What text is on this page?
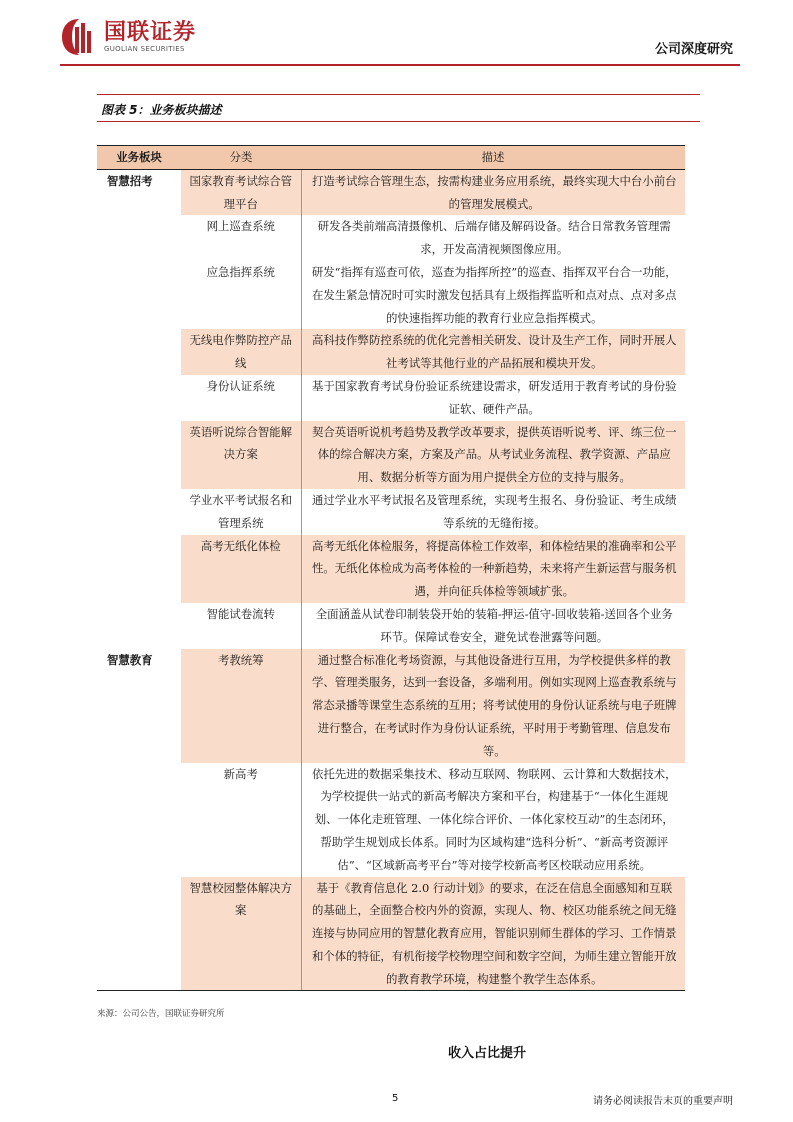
国联证券
GUOLIAN SECURITIES	公司深度研究
图表 5：业务板块描述
业务板块	分类	描述
智慧招考	国家教育考试综合管理平台	打造考试综合管理生态，按需构建业务应用系统，最终实现大中台小前台的管理发展模式。
	网上巡查系统	研发各类前端高清摄像机、后端存储及解码设备。结合日常教务管理需求，开发高清视频图像应用。
	应急指挥系统	研发“指挥有巡查可依，巡查为指挥所控”的巡查、指挥双平台合一功能，在发生紧急情况时可实时激发包括具有上级指挥监听和点对点、点对多点的快速指挥功能的教育行业应急指挥模式。
	无线电作弊防控产品线	高科技作弊防控系统的优化完善相关研发、设计及生产工作，同时开展人社考试等其他行业的产品拓展和模块开发。
	身份认证系统	基于国家教育考试身份验证系统建设需求，研发适用于教育考试的身份验证软、硬件产品。
	英语听说综合智能解决方案	契合英语听说机考趋势及教学改革要求，提供英语听说考、评、练三位一体的综合解决方案，方案及产品。从考试业务流程、教学资源、产品应用、数据分析等方面为用户提供全方位的支持与服务。
	学业水平考试报名和管理系统	通过学业水平考试报名及管理系统，实现考生报名、身份验证、考生成绩等系统的无缝衔接。
	高考无纸化体检	高考无纸化体检服务，将提高体检工作效率，和体检结果的准确率和公平性。无纸化体检成为高考体检的一种新趋势，未来将产生新运营与服务机遇，并向征兵体检等领域扩张。
	智能试卷流转	全面涵盖从试卷印制装袋开始的装箱-押运-值守-回收装箱-送回各个业务环节。保障试卷安全，避免试卷泄露等问题。
智慧教育	考教统筹	通过整合标准化考场资源，与其他设备进行互用，为学校提供多样的教学、管理类服务，达到一套设备，多端利用。例如实现网上巡查教系统与常态录播等课堂生态系统的互用；将考试使用的身份认证系统与电子班牌进行整合，在考试时作为身份认证系统，平时用于考勤管理、信息发布等。
	新高考	依托先进的数据采集技术、移动互联网、物联网、云计算和大数据技术，为学校提供一站式的新高考解决方案和平台，构建基于“一体化生涯规划、一体化走班管理、一体化综合评价、一体化家校互动”的生态闭环，帮助学生规划成长体系。同时为区域构建“选科分析”、“新高考资源评估”、“区域新高考平台”等对接学校新高考区校联动应用系统。
	智慧校园整体解决方案	基于《教育信息化 2.0 行动计划》的要求，在泛在信息全面感知和互联的基础上，全面整合校内外的资源，实现人、物、校区功能系统之间无缝连接与协同应用的智慧化教育应用，智能识别师生群体的学习、工作情景和个体的特征，有机衔接学校物理空间和数字空间，为师生建立智能开放的教育教学环境，构建整个教学生态体系。
来源：公司公告，国联证券研究所
收入占比提升
5	请务必阅读报告末页的重要声明
